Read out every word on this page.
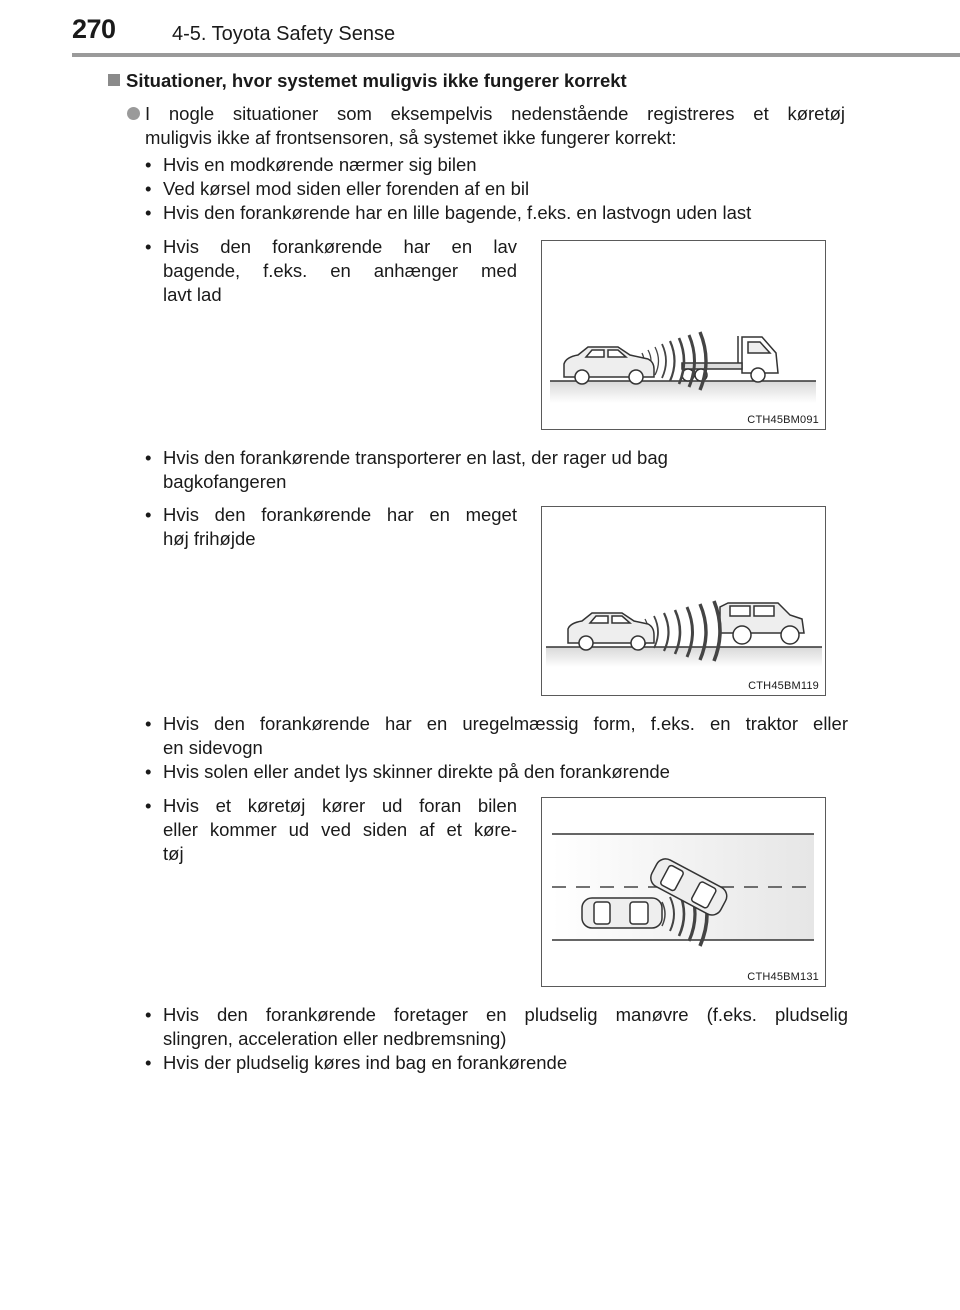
270	4-5. Toyota Safety Sense
Situationer, hvor systemet muligvis ikke fungerer korrekt
I nogle situationer som eksempelvis nedenstående registreres et køretøj
muligvis ikke af frontsensoren, så systemet ikke fungerer korrekt:
• Hvis en modkørende nærmer sig bilen
• Ved kørsel mod siden eller forenden af en bil
• Hvis den forankørende har en lille bagende, f.eks. en lastvogn uden last
• Hvis den forankørende har en lav
bagende, f.eks. en anhænger med
lavt lad
CTH45BM091
• Hvis den forankørende transporterer en last, der rager ud bag
bagkofangeren
• Hvis den forankørende har en meget
høj frihøjde
CTH45BM119
• Hvis den forankørende har en uregelmæssig form, f.eks. en traktor eller
en sidevogn
• Hvis solen eller andet lys skinner direkte på den forankørende
• Hvis et køretøj kører ud foran bilen
eller kommer ud ved siden af et køre-
tøj
CTH45BM131
• Hvis den forankørende foretager en pludselig manøvre (f.eks. pludselig
slingren, acceleration eller nedbremsning)
• Hvis der pludselig køres ind bag en forankørende
